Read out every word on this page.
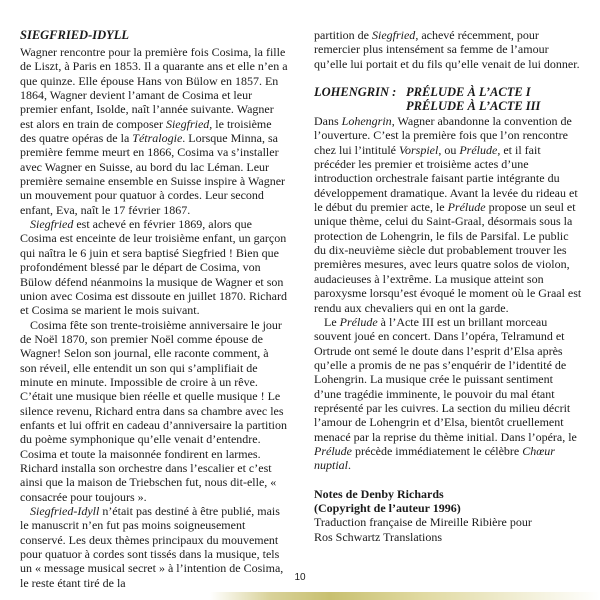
SIEGFRIED-IDYLL

Wagner rencontre pour la première fois Cosima, la fille de Liszt, à Paris en 1853. Il a quarante ans et elle n’en a que quinze. Elle épouse Hans von Bülow en 1857. En 1864, Wagner devient l’amant de Cosima et leur premier enfant, Isolde, naît l’année suivante. Wagner est alors en train de composer Siegfried, le troisième des quatre opéras de la Tétralogie. Lorsque Minna, sa première femme meurt en 1866, Cosima va s’installer avec Wagner en Suisse, au bord du lac Léman. Leur première semaine ensemble en Suisse inspire à Wagner un mouvement pour quatuor à cordes. Leur second enfant, Eva, naît le 17 février 1867.

Siegfried est achevé en février 1869, alors que Cosima est enceinte de leur troisième enfant, un garçon qui naîtra le 6 juin et sera baptisé Siegfried ! Bien que profondément blessé par le départ de Cosima, von Bülow défend néanmoins la musique de Wagner et son union avec Cosima est dissoute en juillet 1870. Richard et Cosima se marient le mois suivant.

Cosima fête son trente-troisième anniversaire le jour de Noël 1870, son premier Noël comme épouse de Wagner! Selon son journal, elle raconte comment, à son réveil, elle entendit un son qui s’amplifiait de minute en minute. Impossible de croire à un rêve. C’était une musique bien réelle et quelle musique ! Le silence revenu, Richard entra dans sa chambre avec les enfants et lui offrit en cadeau d’anniversaire la partition du poème symphonique qu’elle venait d’entendre. Cosima et toute la maisonnée fondirent en larmes. Richard installa son orchestre dans l’escalier et c’est ainsi que la maison de Triebschen fut, nous dit-elle, « consacrée pour toujours ».

Siegfried-Idyll n’était pas destiné à être publié, mais le manuscrit n’en fut pas moins soigneusement conservé. Les deux thèmes principaux du mouvement pour quatuor à cordes sont tissés dans la musique, tels un « message musical secret » à l’intention de Cosima, le reste étant tiré de la

partition de Siegfried, achevé récemment, pour remercier plus intensément sa femme de l’amour qu’elle lui portait et du fils qu’elle venait de lui donner.

LOHENGRIN : PRÉLUDE À L’ACTE I
PRÉLUDE À L’ACTE III

Dans Lohengrin, Wagner abandonne la convention de l’ouverture. C’est la première fois que l’on rencontre chez lui l’intitulé Vorspiel, ou Prélude, et il fait précéder les premier et troisième actes d’une introduction orchestrale faisant partie intégrante du développement dramatique. Avant la levée du rideau et le début du premier acte, le Prélude propose un seul et unique thème, celui du Saint-Graal, désormais sous la protection de Lohengrin, le fils de Parsifal. Le public du dix-neuvième siècle dut probablement trouver les premières mesures, avec leurs quatre solos de violon, audacieuses à l’extrême. La musique atteint son paroxysme lorsqu’est évoqué le moment où le Graal est rendu aux chevaliers qui en ont la garde.

Le Prélude à l’Acte III est un brillant morceau souvent joué en concert. Dans l’opéra, Telramund et Ortrude ont semé le doute dans l’esprit d’Elsa après qu’elle a promis de ne pas s’enquérir de l’identité de Lohengrin. La musique crée le puissant sentiment d’une tragédie imminente, le pouvoir du mal étant représenté par les cuivres. La section du milieu décrit l’amour de Lohengrin et d’Elsa, bientôt cruellement menacé par la reprise du thème initial. Dans l’opéra, le Prélude précède immédiatement le célèbre Chœur nuptial.

Notes de Denby Richards
(Copyright de l’auteur 1996)
Traduction française de Mireille Ribière pour
Ros Schwartz Translations
10
